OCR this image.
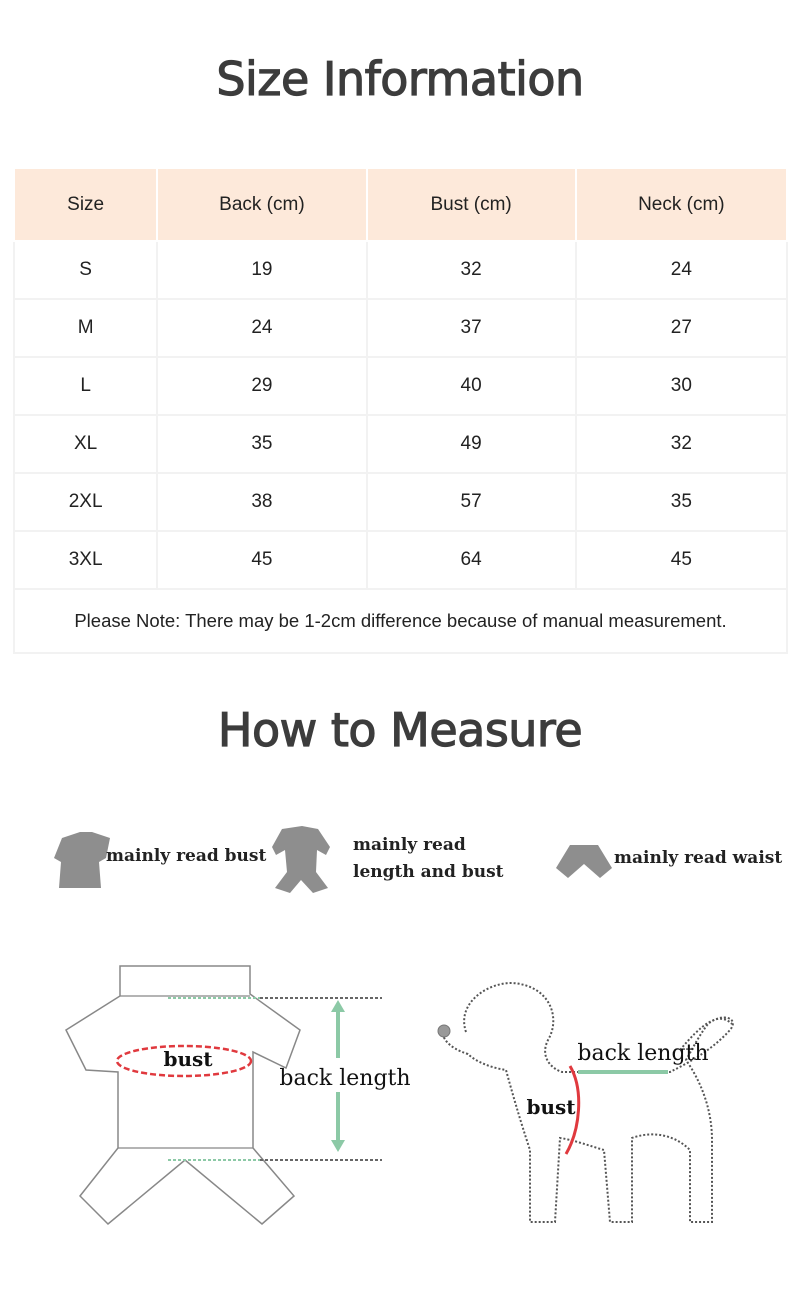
Size Information
Size	Back (cm)	Bust (cm)	Neck (cm)
S	19	32	24
M	24	37	27
L	29	40	30
XL	35	49	32
2XL	38	57	35
3XL	45	64	45
Please Note: There may be 1-2cm difference because of manual measurement.			
How to Measure
bust
back length
back length
bust
mainly read bust
mainly read
length and bust
mainly read waist
